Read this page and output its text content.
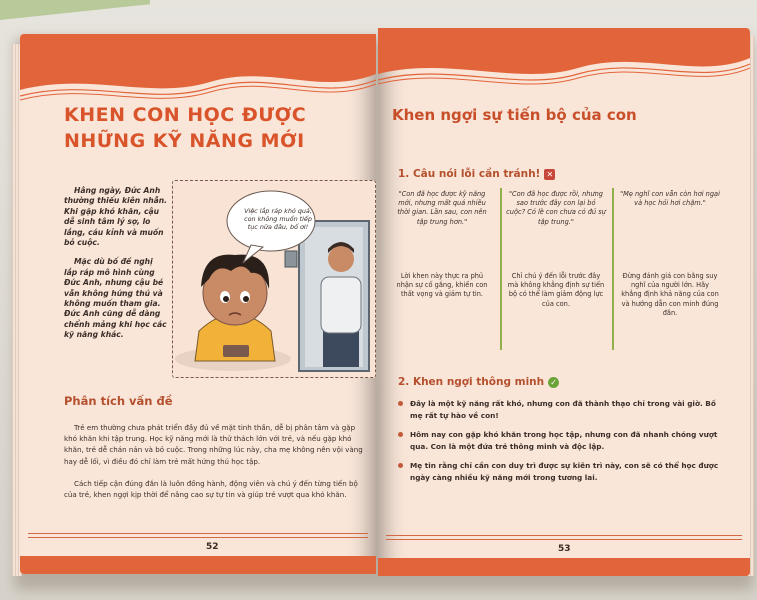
KHEN CON HỌC ĐƯỢC NHỮNG KỸ NĂNG MỚI

Hằng ngày, Đức Anh thường thiếu kiên nhẫn. Khi gặp khó khăn, cậu dễ sinh tâm lý sợ, lo lắng, cáu kỉnh và muốn bỏ cuộc.

Mặc dù bố đề nghị lắp ráp mô hình cùng Đức Anh, nhưng cậu bé vẫn không hứng thú và không muốn tham gia. Đức Anh cũng dễ dàng chểnh mảng khi học các kỹ năng khác.

Việc lắp ráp khó quá, con không muốn tiếp tục nữa đâu, bố ơi!
Phân tích vấn đề

Trẻ em thường chưa phát triển đầy đủ về mặt tinh thần, dễ bị phân tâm và gặp khó khăn khi tập trung. Học kỹ năng mới là thử thách lớn với trẻ, và nếu gặp khó khăn, trẻ dễ chán nản và bỏ cuộc. Trong những lúc này, cha mẹ không nên vội vàng hay dễ lối, vì điều đó chỉ làm trẻ mất hứng thú học tập.

Cách tiếp cận đúng đắn là luôn đồng hành, động viên và chú ý đến từng tiến bộ của trẻ, khen ngợi kịp thời để nâng cao sự tự tin và giúp trẻ vượt qua khó khăn.

52
Khen ngợi sự tiến bộ của con
1. Câu nói lỗi cần tránh! ✕
"Con đã học được kỹ năng mới, nhưng mất quá nhiều thời gian. Lần sau, con nên tập trung hơn."
Lời khen này thực ra phủ nhận sự cố gắng, khiến con thất vọng và giảm tự tin.
"Con đã học được rồi, nhưng sao trước đây con lại bỏ cuộc? Có lẽ con chưa có đủ sự tập trung."
Chỉ chú ý đến lỗi trước đây mà không khẳng định sự tiến bộ có thể làm giảm động lực của con.
"Mẹ nghĩ con vẫn còn hơi ngại và học hỏi hơi chậm."
Đừng đánh giá con bằng suy nghĩ của người lớn. Hãy khẳng định khả năng của con và hướng dẫn con minh đúng đắn.
2. Khen ngợi thông minh ✓
Đây là một kỹ năng rất khó, nhưng con đã thành thạo chỉ trong vài giờ. Bố mẹ rất tự hào về con!
Hôm nay con gặp khó khăn trong học tập, nhưng con đã nhanh chóng vượt qua. Con là một đứa trẻ thông minh và độc lập.
Mẹ tin rằng chỉ cần con duy trì được sự kiên trì này, con sẽ có thể học được ngày càng nhiều kỹ năng mới trong tương lai.
53
